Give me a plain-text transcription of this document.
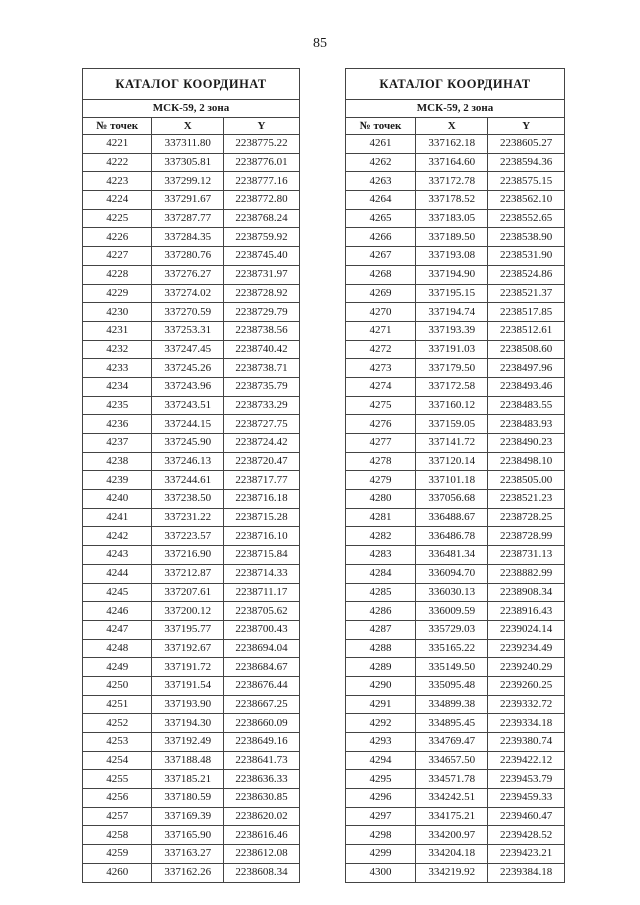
85
КАТАЛОГ КООРДИНАТ		
МСК-59, 2 зона		
№ точек	X	Y
4221	337311.80	2238775.22
4222	337305.81	2238776.01
4223	337299.12	2238777.16
4224	337291.67	2238772.80
4225	337287.77	2238768.24
4226	337284.35	2238759.92
4227	337280.76	2238745.40
4228	337276.27	2238731.97
4229	337274.02	2238728.92
4230	337270.59	2238729.79
4231	337253.31	2238738.56
4232	337247.45	2238740.42
4233	337245.26	2238738.71
4234	337243.96	2238735.79
4235	337243.51	2238733.29
4236	337244.15	2238727.75
4237	337245.90	2238724.42
4238	337246.13	2238720.47
4239	337244.61	2238717.77
4240	337238.50	2238716.18
4241	337231.22	2238715.28
4242	337223.57	2238716.10
4243	337216.90	2238715.84
4244	337212.87	2238714.33
4245	337207.61	2238711.17
4246	337200.12	2238705.62
4247	337195.77	2238700.43
4248	337192.67	2238694.04
4249	337191.72	2238684.67
4250	337191.54	2238676.44
4251	337193.90	2238667.25
4252	337194.30	2238660.09
4253	337192.49	2238649.16
4254	337188.48	2238641.73
4255	337185.21	2238636.33
4256	337180.59	2238630.85
4257	337169.39	2238620.02
4258	337165.90	2238616.46
4259	337163.27	2238612.08
4260	337162.26	2238608.34
КАТАЛОГ КООРДИНАТ		
МСК-59, 2 зона		
№ точек	X	Y
4261	337162.18	2238605.27
4262	337164.60	2238594.36
4263	337172.78	2238575.15
4264	337178.52	2238562.10
4265	337183.05	2238552.65
4266	337189.50	2238538.90
4267	337193.08	2238531.90
4268	337194.90	2238524.86
4269	337195.15	2238521.37
4270	337194.74	2238517.85
4271	337193.39	2238512.61
4272	337191.03	2238508.60
4273	337179.50	2238497.96
4274	337172.58	2238493.46
4275	337160.12	2238483.55
4276	337159.05	2238483.93
4277	337141.72	2238490.23
4278	337120.14	2238498.10
4279	337101.18	2238505.00
4280	337056.68	2238521.23
4281	336488.67	2238728.25
4282	336486.78	2238728.99
4283	336481.34	2238731.13
4284	336094.70	2238882.99
4285	336030.13	2238908.34
4286	336009.59	2238916.43
4287	335729.03	2239024.14
4288	335165.22	2239234.49
4289	335149.50	2239240.29
4290	335095.48	2239260.25
4291	334899.38	2239332.72
4292	334895.45	2239334.18
4293	334769.47	2239380.74
4294	334657.50	2239422.12
4295	334571.78	2239453.79
4296	334242.51	2239459.33
4297	334175.21	2239460.47
4298	334200.97	2239428.52
4299	334204.18	2239423.21
4300	334219.92	2239384.18
